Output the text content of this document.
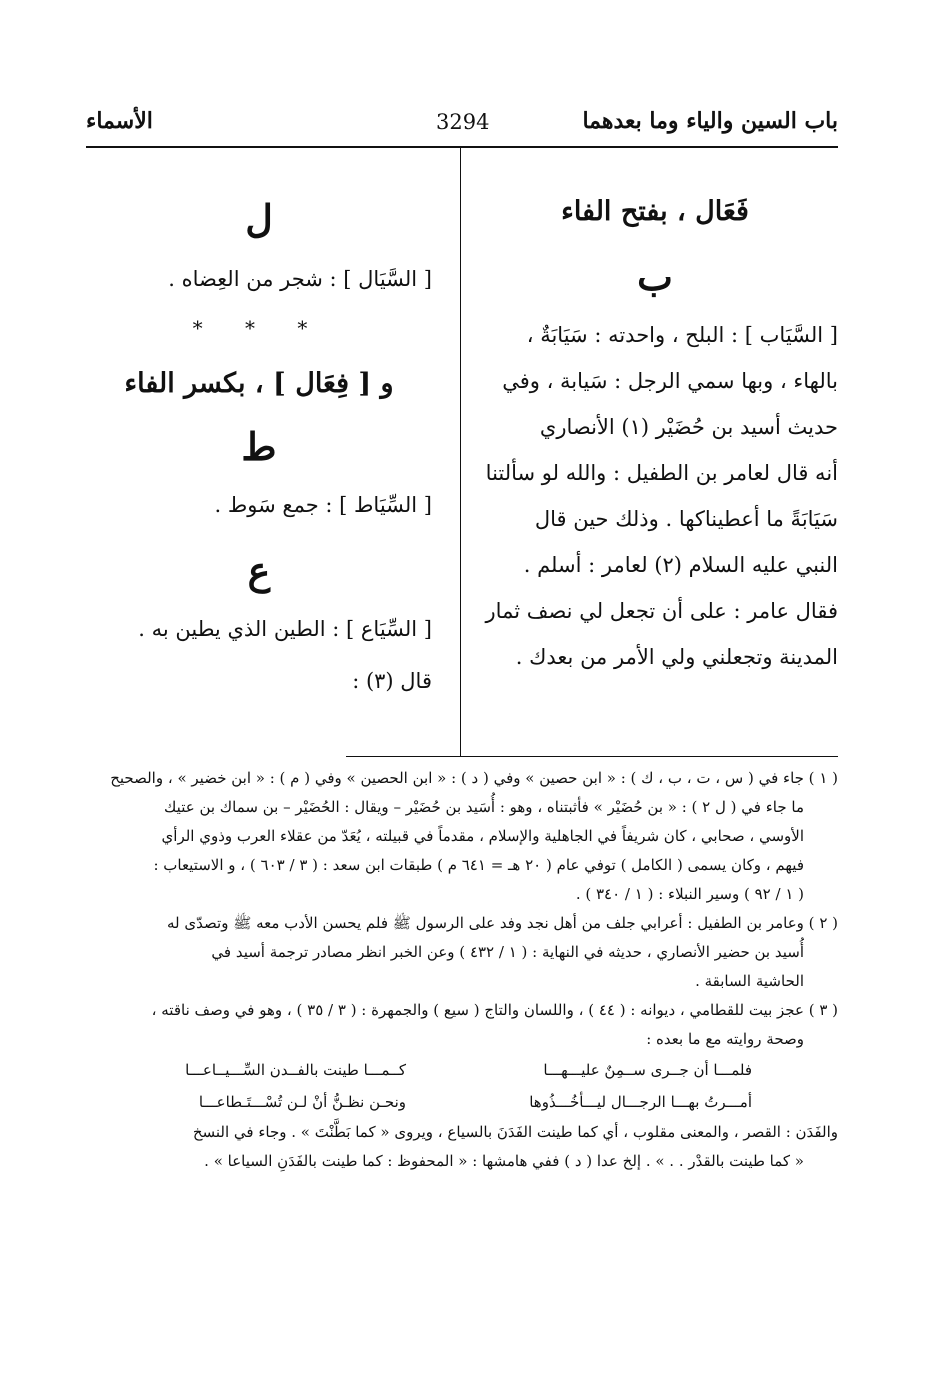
باب السين والياء وما بعدهما
3294
الأسماء
فَعَال ، بفتح الفاء
ب
[ السَّيَاب ] : البلح ، واحدته : سَيَابَةٌ ،
بالهاء ، وبها سمي الرجل : سَيابة ، وفي
حديث أسيد بن حُضَيْر (١) الأنصاري
أنه قال لعامر بن الطفيل : والله لو سألتنا
سَيَابَةً ما أعطيناكها . وذلك حين قال
النبي عليه السلام (٢) لعامر : أسلم .
فقال عامر : على أن تجعل لي نصف ثمار
المدينة وتجعلني ولي الأمر من بعدك .
ل
[ السَّيَال ] : شجر من العِضاه .
* * *
و [ فِعَال ] ، بكسر الفاء
ط
[ السِّيَاط ] : جمع سَوط .
ع
[ السِّيَاع ] : الطين الذي يطين به .
قال (٣) :

( ١ ) جاء في ( س ، ت ، ب ، ك ) : « ابن حصين » وفي ( د ) : « ابن الحصين » وفي ( م ) : « ابن خضير » ، والصحيح

ما جاء في ( ل ٢ ) : « بن حُضَيْر » فأثبتناه ، وهو : أُسَيد بن حُضَيْر – ويقال : الحُضَيْر – بن سماك بن عتيك

الأوسي ، صحابي ، كان شريفاً في الجاهلية والإسلام ، مقدماً في قبيلته ، يُعَدّ من عقلاء العرب وذوي الرأي

فيهم ، وكان يسمى ( الكامل ) توفي عام ( ٢٠ هـ = ٦٤١ م ) طبقات ابن سعد : ( ٣ / ٦٠٣ ) ، و الاستيعاب :

( ١ / ٩٢ ) وسير النبلاء : ( ١ / ٣٤٠ ) .

( ٢ ) وعامر بن الطفيل : أعرابي جلف من أهل نجد وفد على الرسول ﷺ فلم يحسن الأدب معه ﷺ وتصدّى له

أُسيد بن حضير الأنصاري ، حديثه في النهاية : ( ١ / ٤٣٢ ) وعن الخبر انظر مصادر ترجمة أسيد في

الحاشية السابقة .

( ٣ ) عجز بيت للقطامي ، ديوانه : ( ٤٤ ) ، واللسان والتاج ( سيع ) والجمهرة : ( ٣ / ٣٥ ) ، وهو في وصف ناقته ،

وصحة روايته مع ما بعده :

فلمـــا أن جــرى ســمِنٌ عليـــهـــا
كــمـــا طينت بالفــدن السِّـــيــاعـــا
أمـــرتُ بهـــا الرجـــال ليـــأخُـــذُوها
ونحـن نظـنُّ أنْ لـن تُسْـــتَـطاعـــا

والفَدَن : القصر ، والمعنى مقلوب ، أي كما طينت الفَدَنَ بالسياع ، ويروى « كما بَطَّنْتَ » . وجاء في النسخ

« كما طينت بالقدْر . . » . إلخ عدا ( د ) ففي هامشها : « المحفوظ : كما طينت بالفَدَنِ السياعا » .
